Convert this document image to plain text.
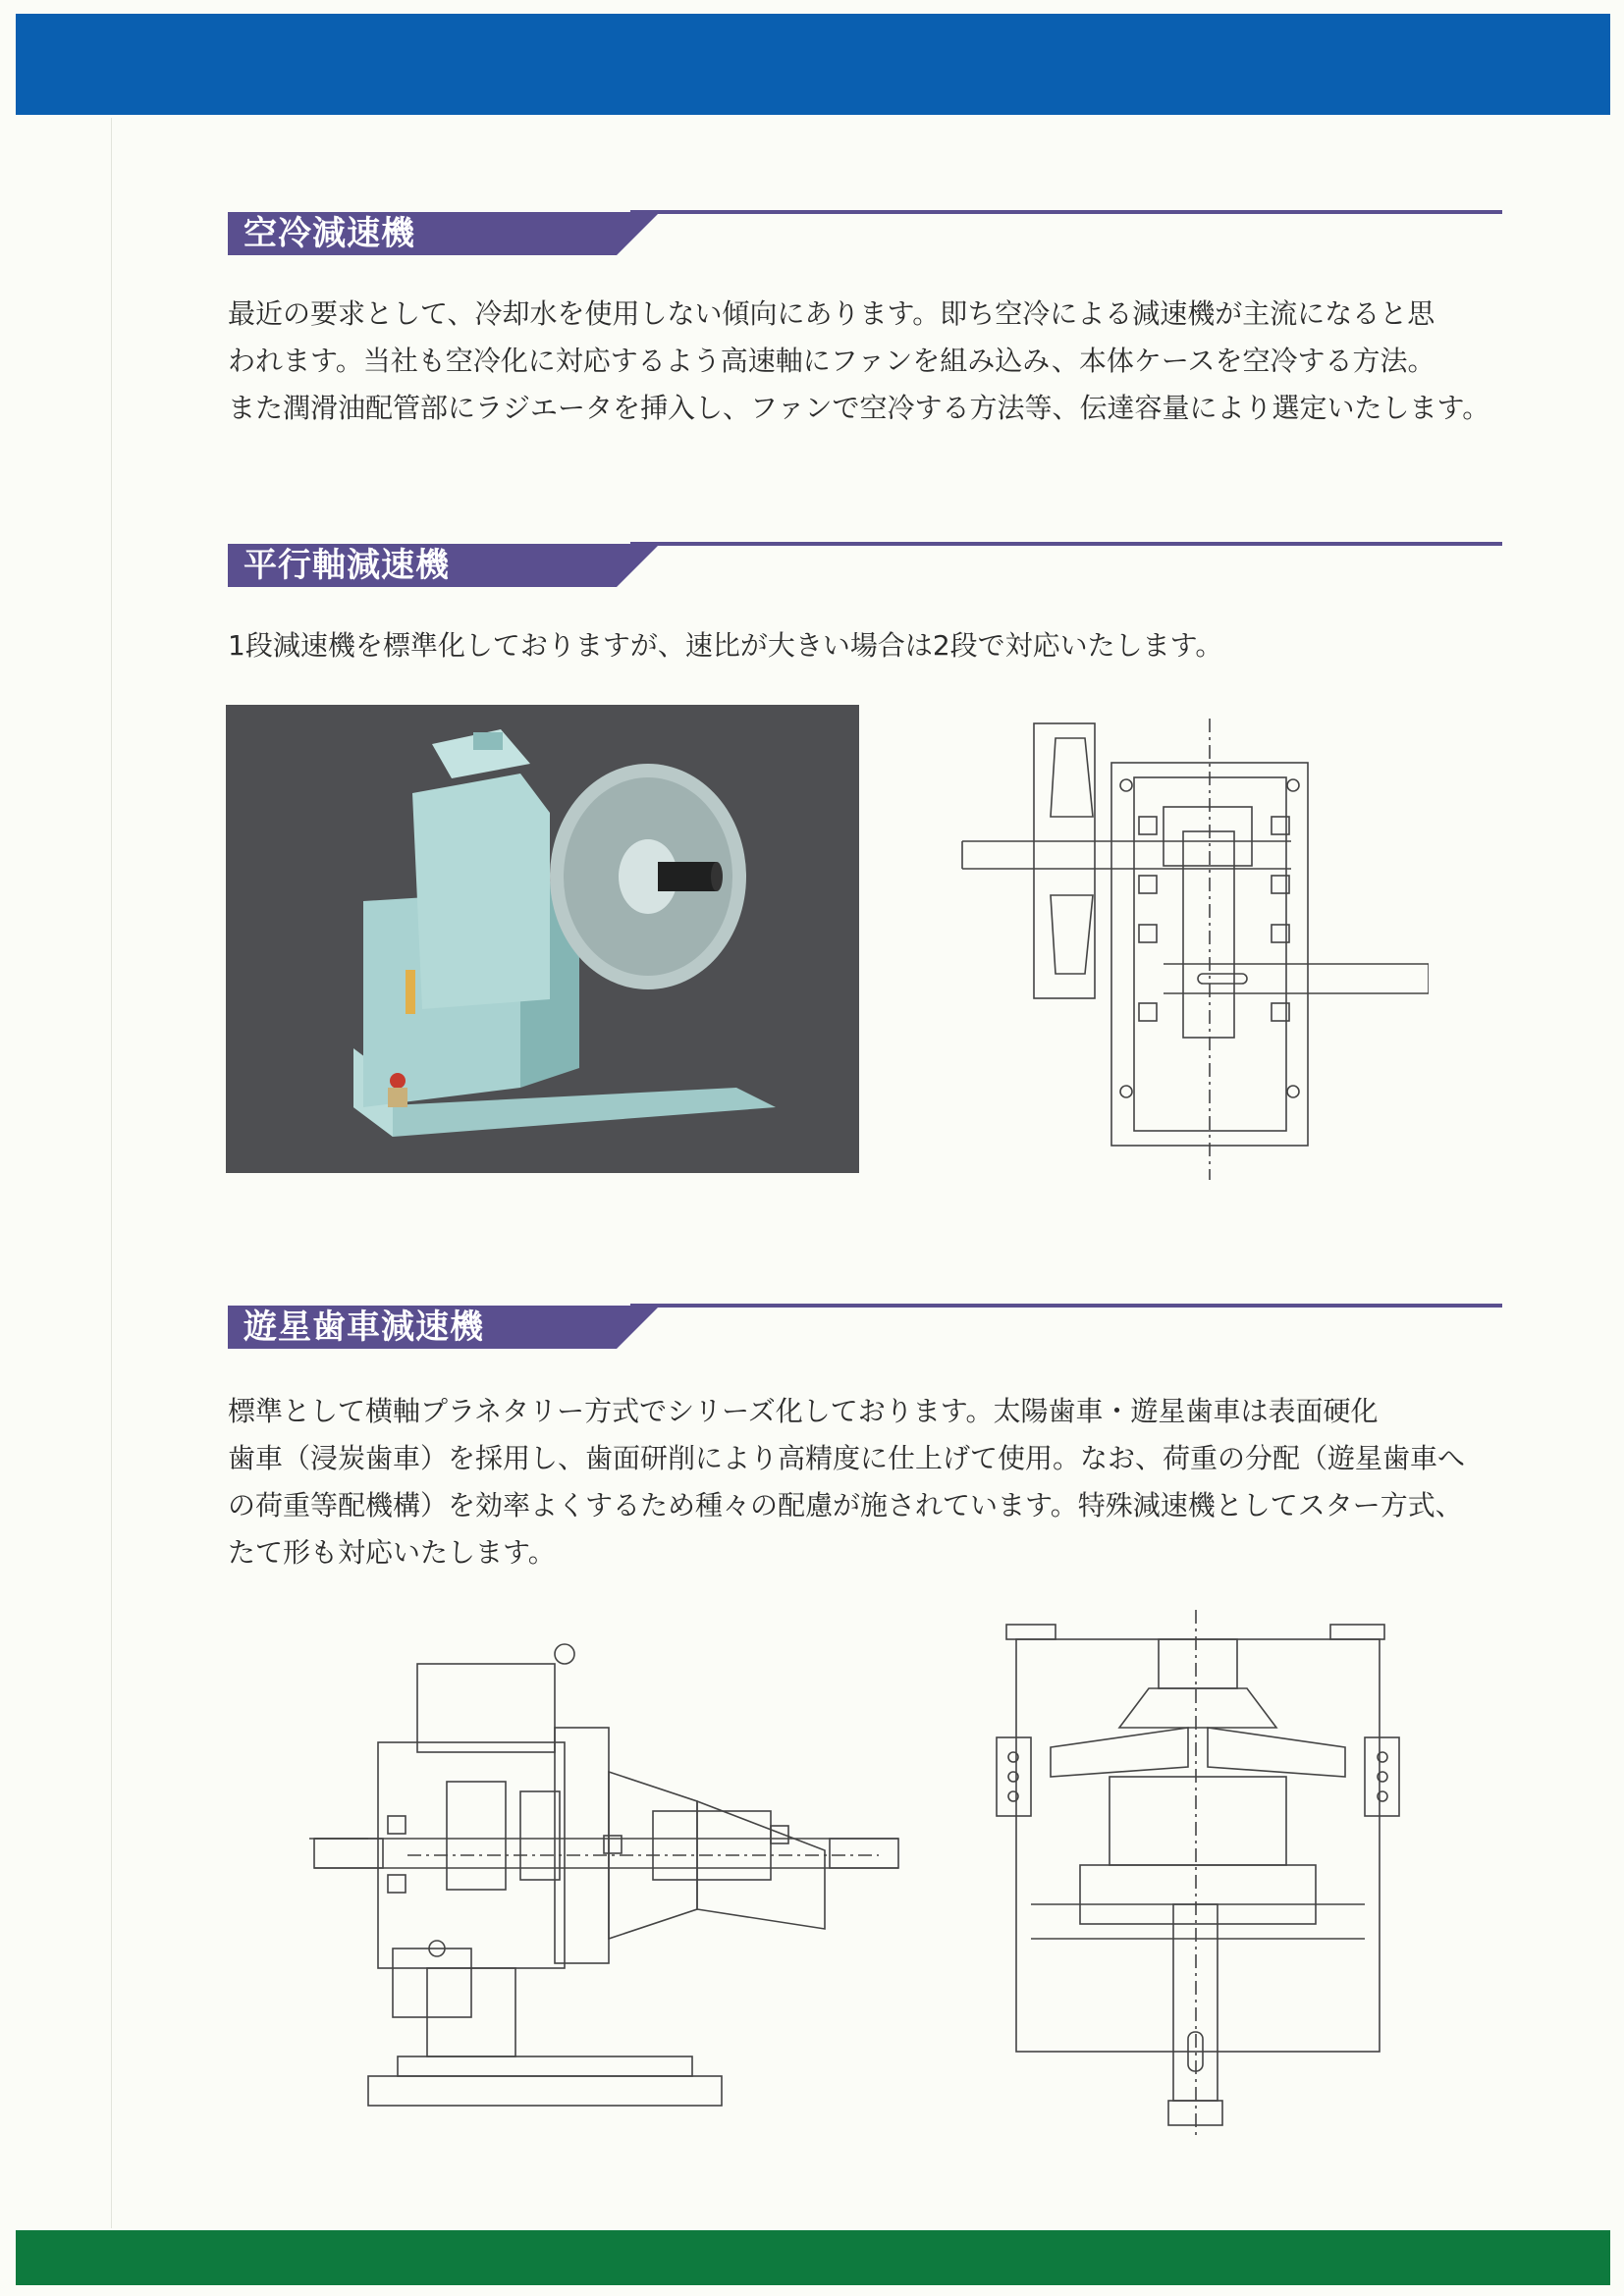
空冷減速機

最近の要求として、冷却水を使用しない傾向にあります。即ち空冷による減速機が主流になると思

われます。当社も空冷化に対応するよう高速軸にファンを組み込み、本体ケースを空冷する方法。

また潤滑油配管部にラジエータを挿入し、ファンで空冷する方法等、伝達容量により選定いたします。

平行軸減速機

1段減速機を標準化しておりますが、速比が大きい場合は2段で対応いたします。

遊星歯車減速機

標準として横軸プラネタリー方式でシリーズ化しております。太陽歯車・遊星歯車は表面硬化

歯車（浸炭歯車）を採用し、歯面研削により高精度に仕上げて使用。なお、荷重の分配（遊星歯車へ

の荷重等配機構）を効率よくするため種々の配慮が施されています。特殊減速機としてスター方式、

たて形も対応いたします。
